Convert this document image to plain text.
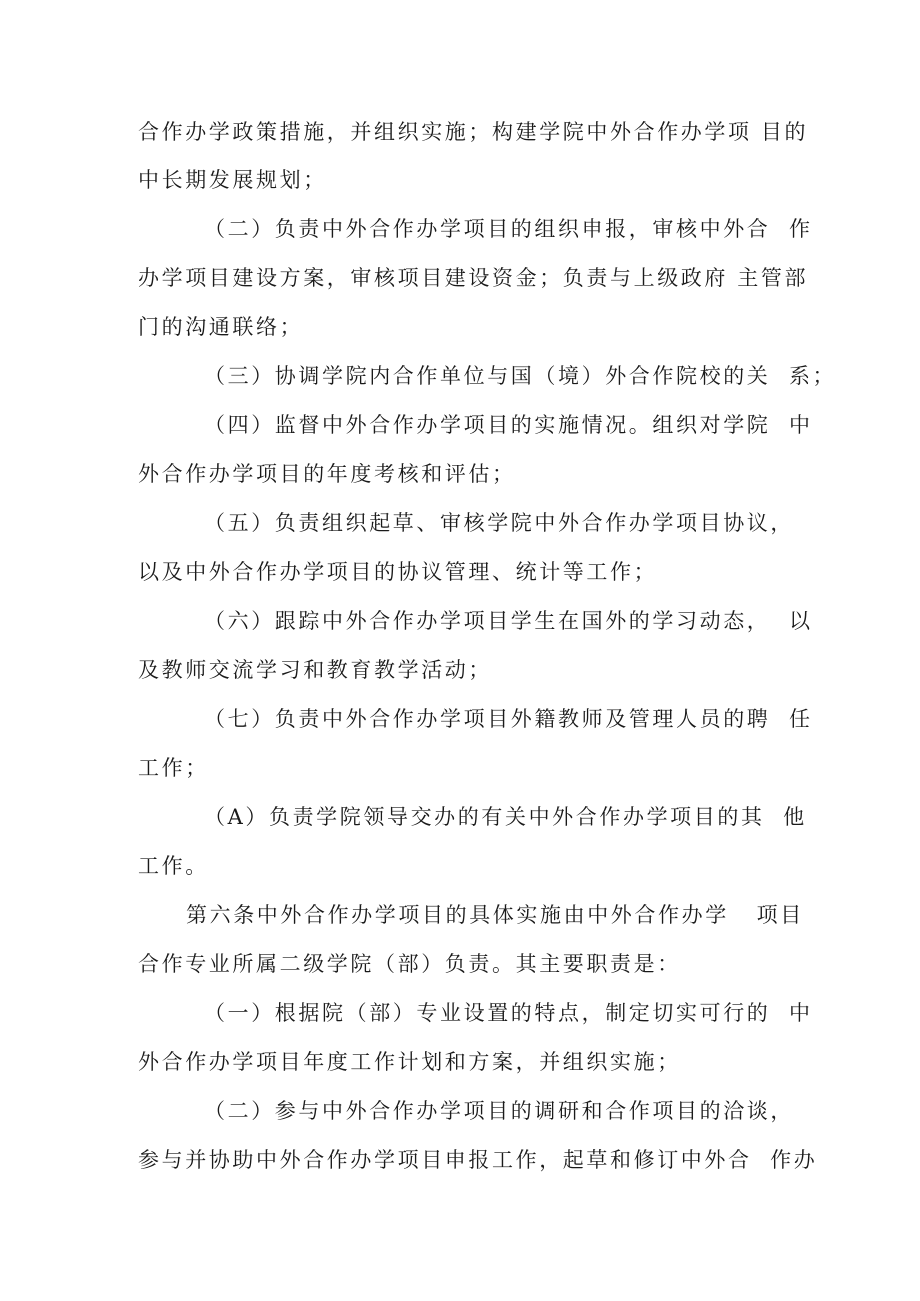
合作办学政策措施，并组织实施；构建学院中外合作办学项 目的
中长期发展规划；
（二）负责中外合作办学项目的组织申报，审核中外合  作
办学项目建设方案，审核项目建设资金；负责与上级政府 主管部
门的沟通联络；
（三）协调学院内合作单位与国（境）外合作院校的关  系；
（四）监督中外合作办学项目的实施情况。组织对学院  中
外合作办学项目的年度考核和评估；
（五）负责组织起草、审核学院中外合作办学项目协议，
以及中外合作办学项目的协议管理、统计等工作；
（六）跟踪中外合作办学项目学生在国外的学习动态，  以
及教师交流学习和教育教学活动；
（七）负责中外合作办学项目外籍教师及管理人员的聘  任
工作；
（A）负责学院领导交办的有关中外合作办学项目的其  他
工作。
第六条中外合作办学项目的具体实施由中外合作办学   项目
合作专业所属二级学院（部）负责。其主要职责是：
（一）根据院（部）专业设置的特点，制定切实可行的  中
外合作办学项目年度工作计划和方案，并组织实施；
（二）参与中外合作办学项目的调研和合作项目的洽谈，
参与并协助中外合作办学项目申报工作，起草和修订中外合  作办
